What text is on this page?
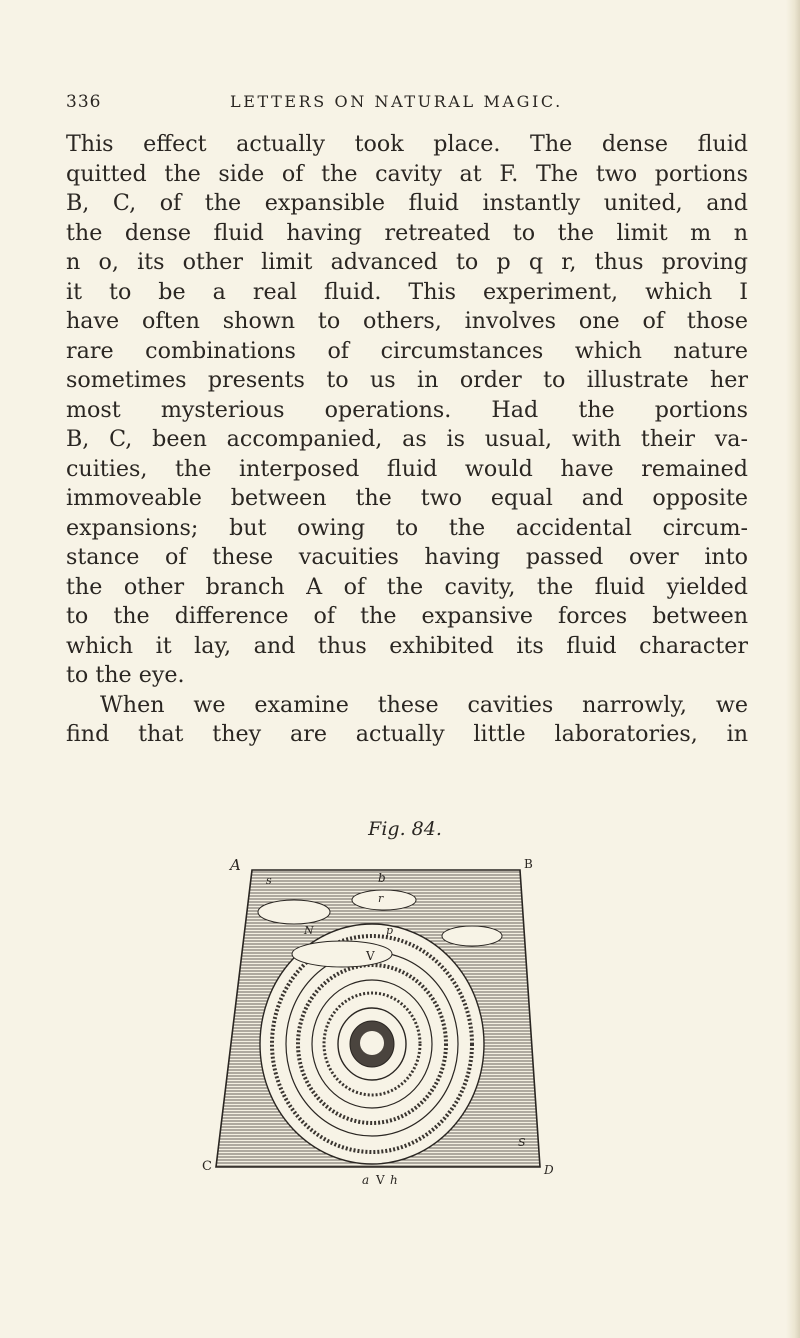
336	LETTERS ON NATURAL MAGIC.
This effect actually took place. The dense fluid
quitted the side of the cavity at F. The two portions
B, C, of the expansible fluid instantly united, and
the dense fluid having retreated to the limit m n
n o, its other limit advanced to p q r, thus proving
it to be a real fluid. This experiment, which I
have often shown to others, involves one of those
rare combinations of circumstances which nature
sometimes presents to us in order to illustrate her
most mysterious operations. Had the portions
B, C, been accompanied, as is usual, with their va-
cuities, the interposed fluid would have remained
immoveable between the two equal and opposite
expansions; but owing to the accidental circum-
stance of these vacuities having passed over into
the other branch A of the cavity, the fluid yielded
to the difference of the expansive forces between
which it lay, and thus exhibited its fluid character
to the eye.
When we examine these cavities narrowly, we
find that they are actually little laboratories, in
Fig. 84.
A	B
C	D
s	b
r
N	p
V
S
a V h
